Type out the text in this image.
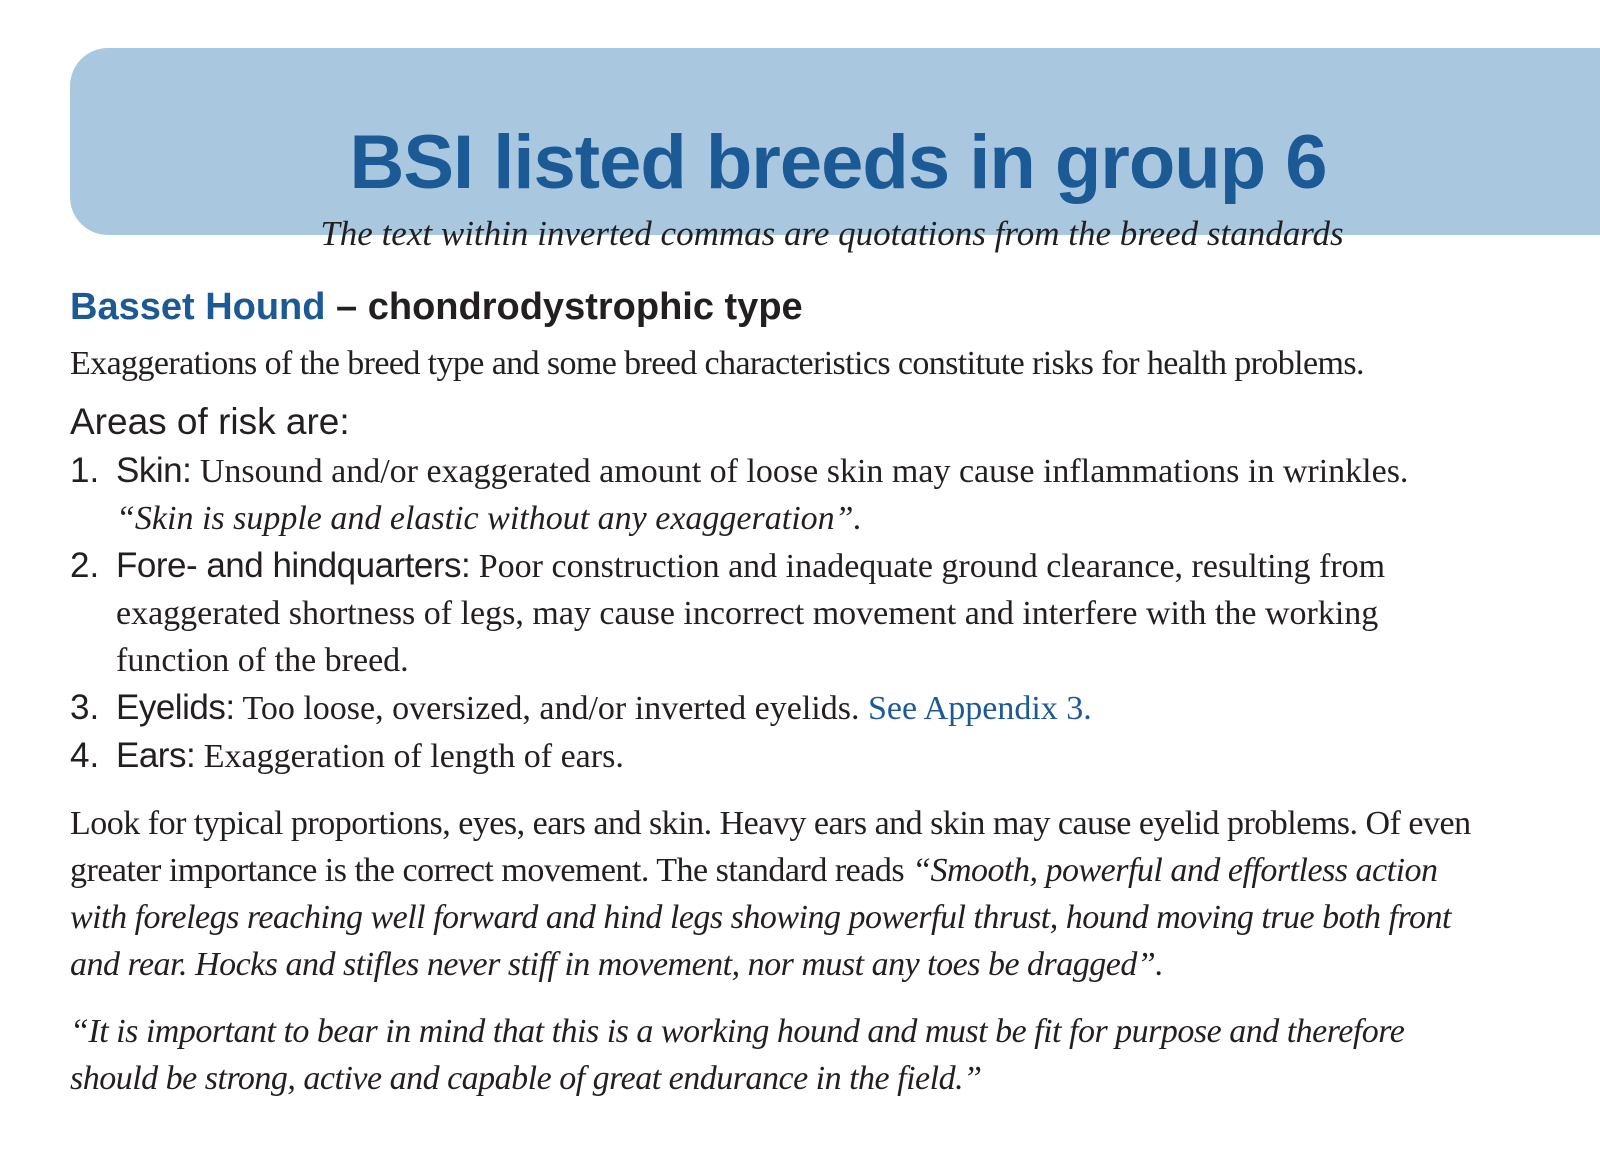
BSI listed breeds in group 6
The text within inverted commas are quotations from the breed standards
Basset Hound – chondrodystrophic type

Exaggerations of the breed type and some breed characteristics constitute risks for health problems.

Areas of risk are:

1. Skin: Unsound and/or exaggerated amount of loose skin may cause inflammations in wrinkles. “Skin is supple and elastic without any exaggeration”.
2. Fore- and hindquarters: Poor construction and inadequate ground clearance, resulting from exaggerated shortness of legs, may cause incorrect movement and interfere with the working function of the breed.
3. Eyelids: Too loose, oversized, and/or inverted eyelids. See Appendix 3.
4. Ears: Exaggeration of length of ears.

Look for typical proportions, eyes, ears and skin. Heavy ears and skin may cause eyelid problems. Of even greater importance is the correct movement. The standard reads “Smooth, powerful and effortless action with forelegs reaching well forward and hind legs showing powerful thrust, hound moving true both front and rear. Hocks and stifles never stiff in movement, nor must any toes be dragged”.

“It is important to bear in mind that this is a working hound and must be fit for purpose and therefore should be strong, active and capable of great endurance in the field.”
